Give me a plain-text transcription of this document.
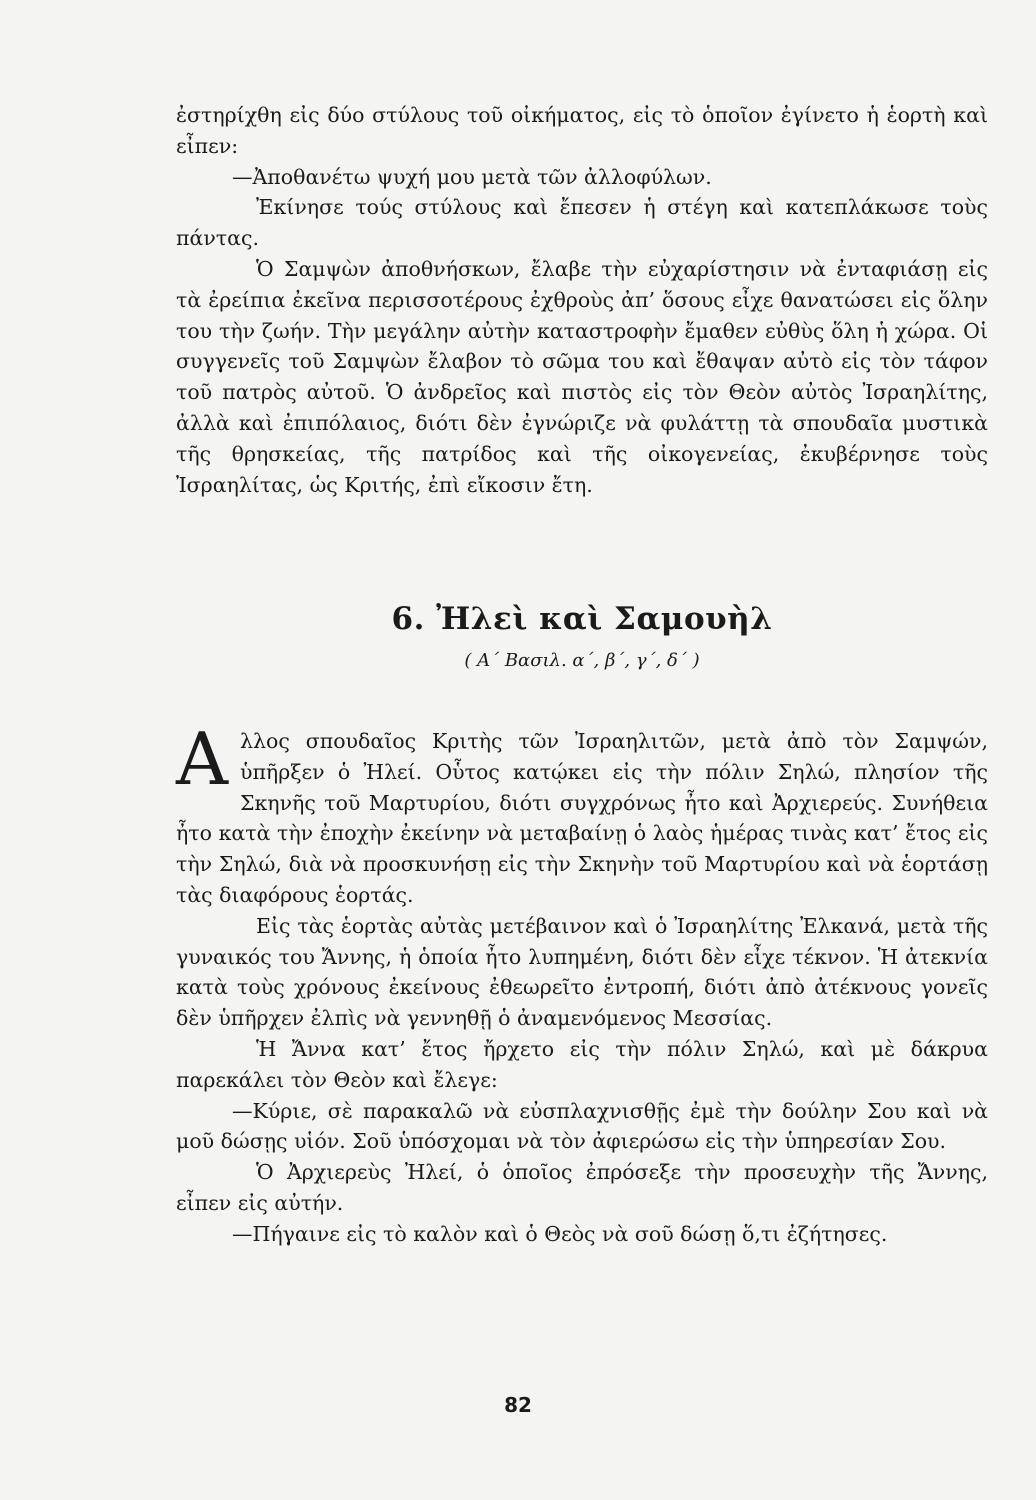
ἐστηρίχθη εἰς δύο στύλους τοῦ οἰκήματος, εἰς τὸ ὁποῖον ἐγίνετο ἡ ἑορτὴ καὶ εἶπεν:

—Ἀποθανέτω ψυχή μου μετὰ τῶν ἀλλοφύλων.

Ἐκίνησε τούς στύλους καὶ ἔπεσεν ἡ στέγη καὶ κατεπλάκωσε τοὺς πάντας.

Ὁ Σαμψὼν ἀποθνήσκων, ἔλαβε τὴν εὐχαρίστησιν νὰ ἐνταφιάσῃ εἰς τὰ ἐρείπια ἐκεῖνα περισσοτέρους ἐχθροὺς ἀπ’ ὅσους εἶχε θανατώσει εἰς ὅλην του τὴν ζωήν. Τὴν μεγάλην αὐτὴν καταστροφὴν ἔμαθεν εὐθὺς ὅλη ἡ χώρα. Οἱ συγγενεῖς τοῦ Σαμψὼν ἔλαβον τὸ σῶμα του καὶ ἔθαψαν αὐτὸ εἰς τὸν τάφον τοῦ πατρὸς αὐτοῦ. Ὁ ἀνδρεῖος καὶ πιστὸς εἰς τὸν Θεὸν αὐτὸς Ἰσραηλίτης, ἀλλὰ καὶ ἐπιπόλαιος, διότι δὲν ἐγνώριζε νὰ φυλάττῃ τὰ σπουδαῖα μυστικὰ τῆς θρησκείας, τῆς πατρίδος καὶ τῆς οἰκογενείας, ἐκυβέρνησε τοὺς Ἰσραηλίτας, ὡς Κριτής, ἐπὶ εἴκοσιν ἔτη.

6. Ἠλεὶ καὶ Σαμουὴλ
( Α΄ Βασιλ. α΄, β΄, γ΄, δ΄ )

Αλλος σπουδαῖος Κριτὴς τῶν Ἰσραηλιτῶν, μετὰ ἀπὸ τὸν Σαμψών, ὑπῆρξεν ὁ Ἠλεί. Οὗτος κατῴκει εἰς τὴν πόλιν Σηλώ, πλησίον τῆς Σκηνῆς τοῦ Μαρτυρίου, διότι συγχρόνως ἦτο καὶ Ἀρχιερεύς. Συνήθεια ἦτο κατὰ τὴν ἐποχὴν ἐκείνην νὰ μεταβαίνῃ ὁ λαὸς ἡμέρας τινὰς κατ’ ἔτος εἰς τὴν Σηλώ, διὰ νὰ προσκυνήσῃ εἰς τὴν Σκηνὴν τοῦ Μαρτυρίου καὶ νὰ ἑορτάσῃ τὰς διαφόρους ἑορτάς.

Εἰς τὰς ἑορτὰς αὐτὰς μετέβαινον καὶ ὁ Ἰσραηλίτης Ἐλκανά, μετὰ τῆς γυναικός του Ἄννης, ἡ ὁποία ἦτο λυπημένη, διότι δὲν εἶχε τέκνον. Ἡ ἀτεκνία κατὰ τοὺς χρόνους ἐκείνους ἐθεωρεῖτο ἐντροπή, διότι ἀπὸ ἀτέκνους γονεῖς δὲν ὑπῆρχεν ἐλπὶς νὰ γεννηθῇ ὁ ἀναμενόμενος Μεσσίας.

Ἡ Ἄννα κατ’ ἔτος ἤρχετο εἰς τὴν πόλιν Σηλώ, καὶ μὲ δάκρυα παρεκάλει τὸν Θεὸν καὶ ἔλεγε:

—Κύριε, σὲ παρακαλῶ νὰ εὐσπλαχνισθῇς ἐμὲ τὴν δούλην Σου καὶ νὰ μοῦ δώσῃς υἱόν. Σοῦ ὑπόσχομαι νὰ τὸν ἀφιερώσω εἰς τὴν ὑπηρεσίαν Σου.

Ὁ Ἀρχιερεὺς Ἠλεί, ὁ ὁποῖος ἐπρόσεξε τὴν προσευχὴν τῆς Ἄννης, εἶπεν εἰς αὐτήν.

—Πήγαινε εἰς τὸ καλὸν καὶ ὁ Θεὸς νὰ σοῦ δώσῃ ὅ,τι ἐζήτησες.

82
